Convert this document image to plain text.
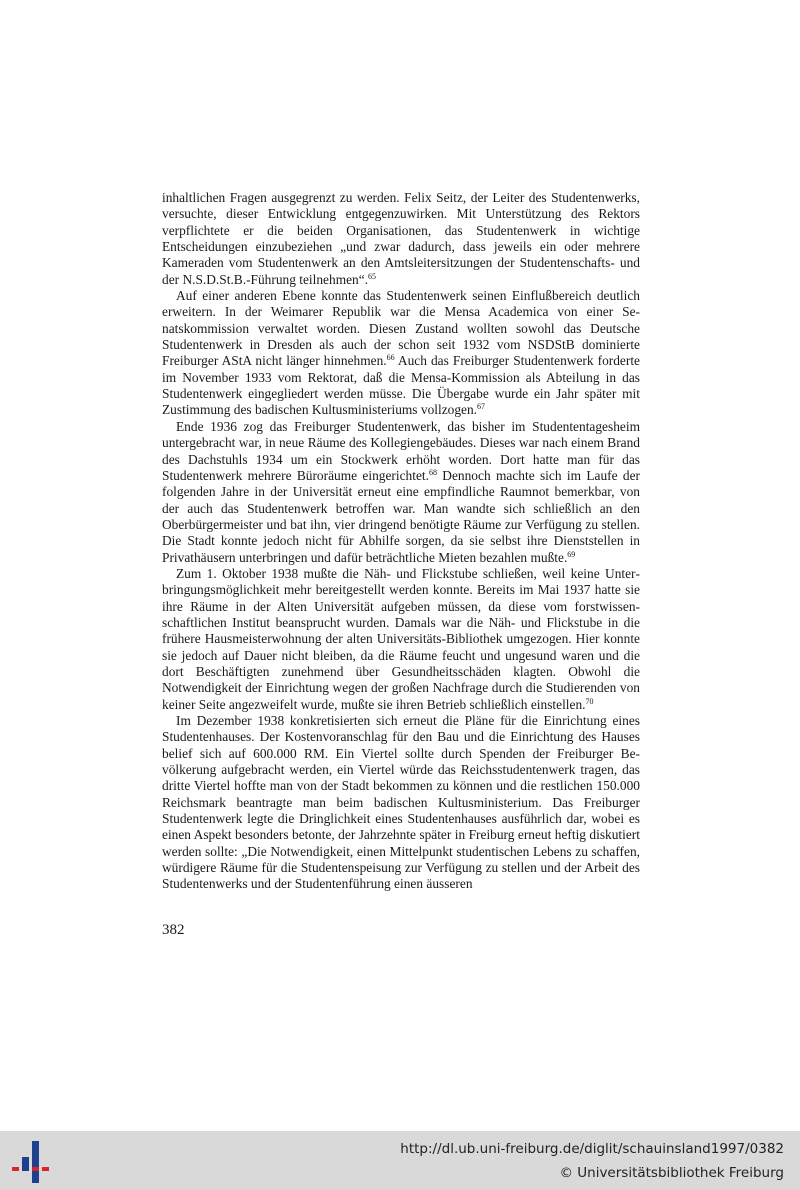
inhaltlichen Fragen ausgegrenzt zu werden. Felix Seitz, der Leiter des Studentenwerks, versuchte, dieser Entwicklung entgegenzuwirken. Mit Unterstützung des Rektors verpflichtete er die beiden Organisationen, das Studentenwerk in wichtige Entscheidungen einzubeziehen „und zwar dadurch, dass jeweils ein oder mehrere Kameraden vom Studentenwerk an den Amtsleitersitzungen der Studentenschafts- und der N.S.D.St.B.-Führung teilnehmen“.$^{65}$

Auf einer anderen Ebene konnte das Studentenwerk seinen Einflußbereich deutlich erweitern. In der Weimarer Republik war die Mensa Academica von einer Senatskommission verwaltet worden. Diesen Zustand wollten sowohl das Deutsche Studentenwerk in Dresden als auch der schon seit 1932 vom NSDStB dominierte Freiburger AStA nicht länger hinnehmen.$^{66}$ Auch das Freiburger Studentenwerk forderte im November 1933 vom Rektorat, daß die Mensa-Kommission als Abteilung in das Studentenwerk eingegliedert werden müsse. Die Übergabe wurde ein Jahr später mit Zustimmung des badischen Kultusministeriums vollzogen.$^{67}$

Ende 1936 zog das Freiburger Studentenwerk, das bisher im Studententagesheim untergebracht war, in neue Räume des Kollegiengebäudes. Dieses war nach einem Brand des Dachstuhls 1934 um ein Stockwerk erhöht worden. Dort hatte man für das Studentenwerk mehrere Büroräume eingerichtet.$^{68}$ Dennoch machte sich im Laufe der folgenden Jahre in der Universität erneut eine empfindliche Raumnot bemerkbar, von der auch das Studentenwerk betroffen war. Man wandte sich schließlich an den Oberbürgermeister und bat ihn, vier dringend benötigte Räume zur Verfügung zu stellen. Die Stadt konnte jedoch nicht für Abhilfe sorgen, da sie selbst ihre Dienststellen in Privathäusern unterbringen und dafür beträchtliche Mieten bezahlen mußte.$^{69}$

Zum 1. Oktober 1938 mußte die Näh- und Flickstube schließen, weil keine Unterbringungsmöglichkeit mehr bereitgestellt werden konnte. Bereits im Mai 1937 hatte sie ihre Räume in der Alten Universität aufgeben müssen, da diese vom forstwissenschaftlichen Institut beansprucht wurden. Damals war die Näh- und Flickstube in die frühere Hausmeisterwohnung der alten Universitäts-Bibliothek umgezogen. Hier konnte sie jedoch auf Dauer nicht bleiben, da die Räume feucht und ungesund waren und die dort Beschäftigten zunehmend über Gesundheitsschäden klagten. Obwohl die Notwendigkeit der Einrichtung wegen der großen Nachfrage durch die Studierenden von keiner Seite angezweifelt wurde, mußte sie ihren Betrieb schließlich einstellen.$^{70}$

Im Dezember 1938 konkretisierten sich erneut die Pläne für die Einrichtung eines Studentenhauses. Der Kostenvoranschlag für den Bau und die Einrichtung des Hauses belief sich auf 600.000 RM. Ein Viertel sollte durch Spenden der Freiburger Bevölkerung aufgebracht werden, ein Viertel würde das Reichsstudentenwerk tragen, das dritte Viertel hoffte man von der Stadt bekommen zu können und die restlichen 150.000 Reichsmark beantragte man beim badischen Kultusministerium. Das Freiburger Studentenwerk legte die Dringlichkeit eines Studentenhauses ausführlich dar, wobei es einen Aspekt besonders betonte, der Jahrzehnte später in Freiburg erneut heftig diskutiert werden sollte: „Die Notwendigkeit, einen Mittelpunkt studentischen Lebens zu schaffen, würdigere Räume für die Studentenspeisung zur Verfügung zu stellen und der Arbeit des Studentenwerks und der Studentenführung einen äusseren

382
http://dl.ub.uni-freiburg.de/diglit/schauinsland1997/0382
© Universitätsbibliothek Freiburg
